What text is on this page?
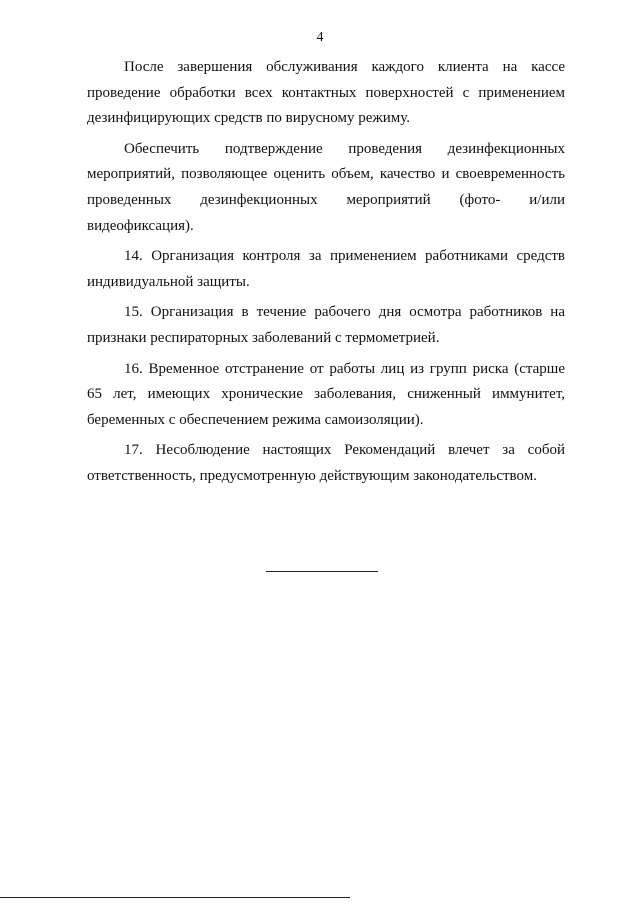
4

После завершения обслуживания каждого клиента на кассе проведение обработки всех контактных поверхностей с применением дезинфицирующих средств по вирусному режиму.

Обеспечить подтверждение проведения дезинфекционных мероприятий, позволяющее оценить объем, качество и своевременность проведенных дезинфекционных мероприятий (фото- и/или видеофиксация).

14. Организация контроля за применением работниками средств индивидуальной защиты.

15. Организация в течение рабочего дня осмотра работников на признаки респираторных заболеваний с термометрией.

16. Временное отстранение от работы лиц из групп риска (старше 65 лет, имеющих хронические заболевания, сниженный иммунитет, беременных с обеспечением режима самоизоляции).

17. Несоблюдение настоящих Рекомендаций влечет за собой ответственность, предусмотренную действующим законодательством.
